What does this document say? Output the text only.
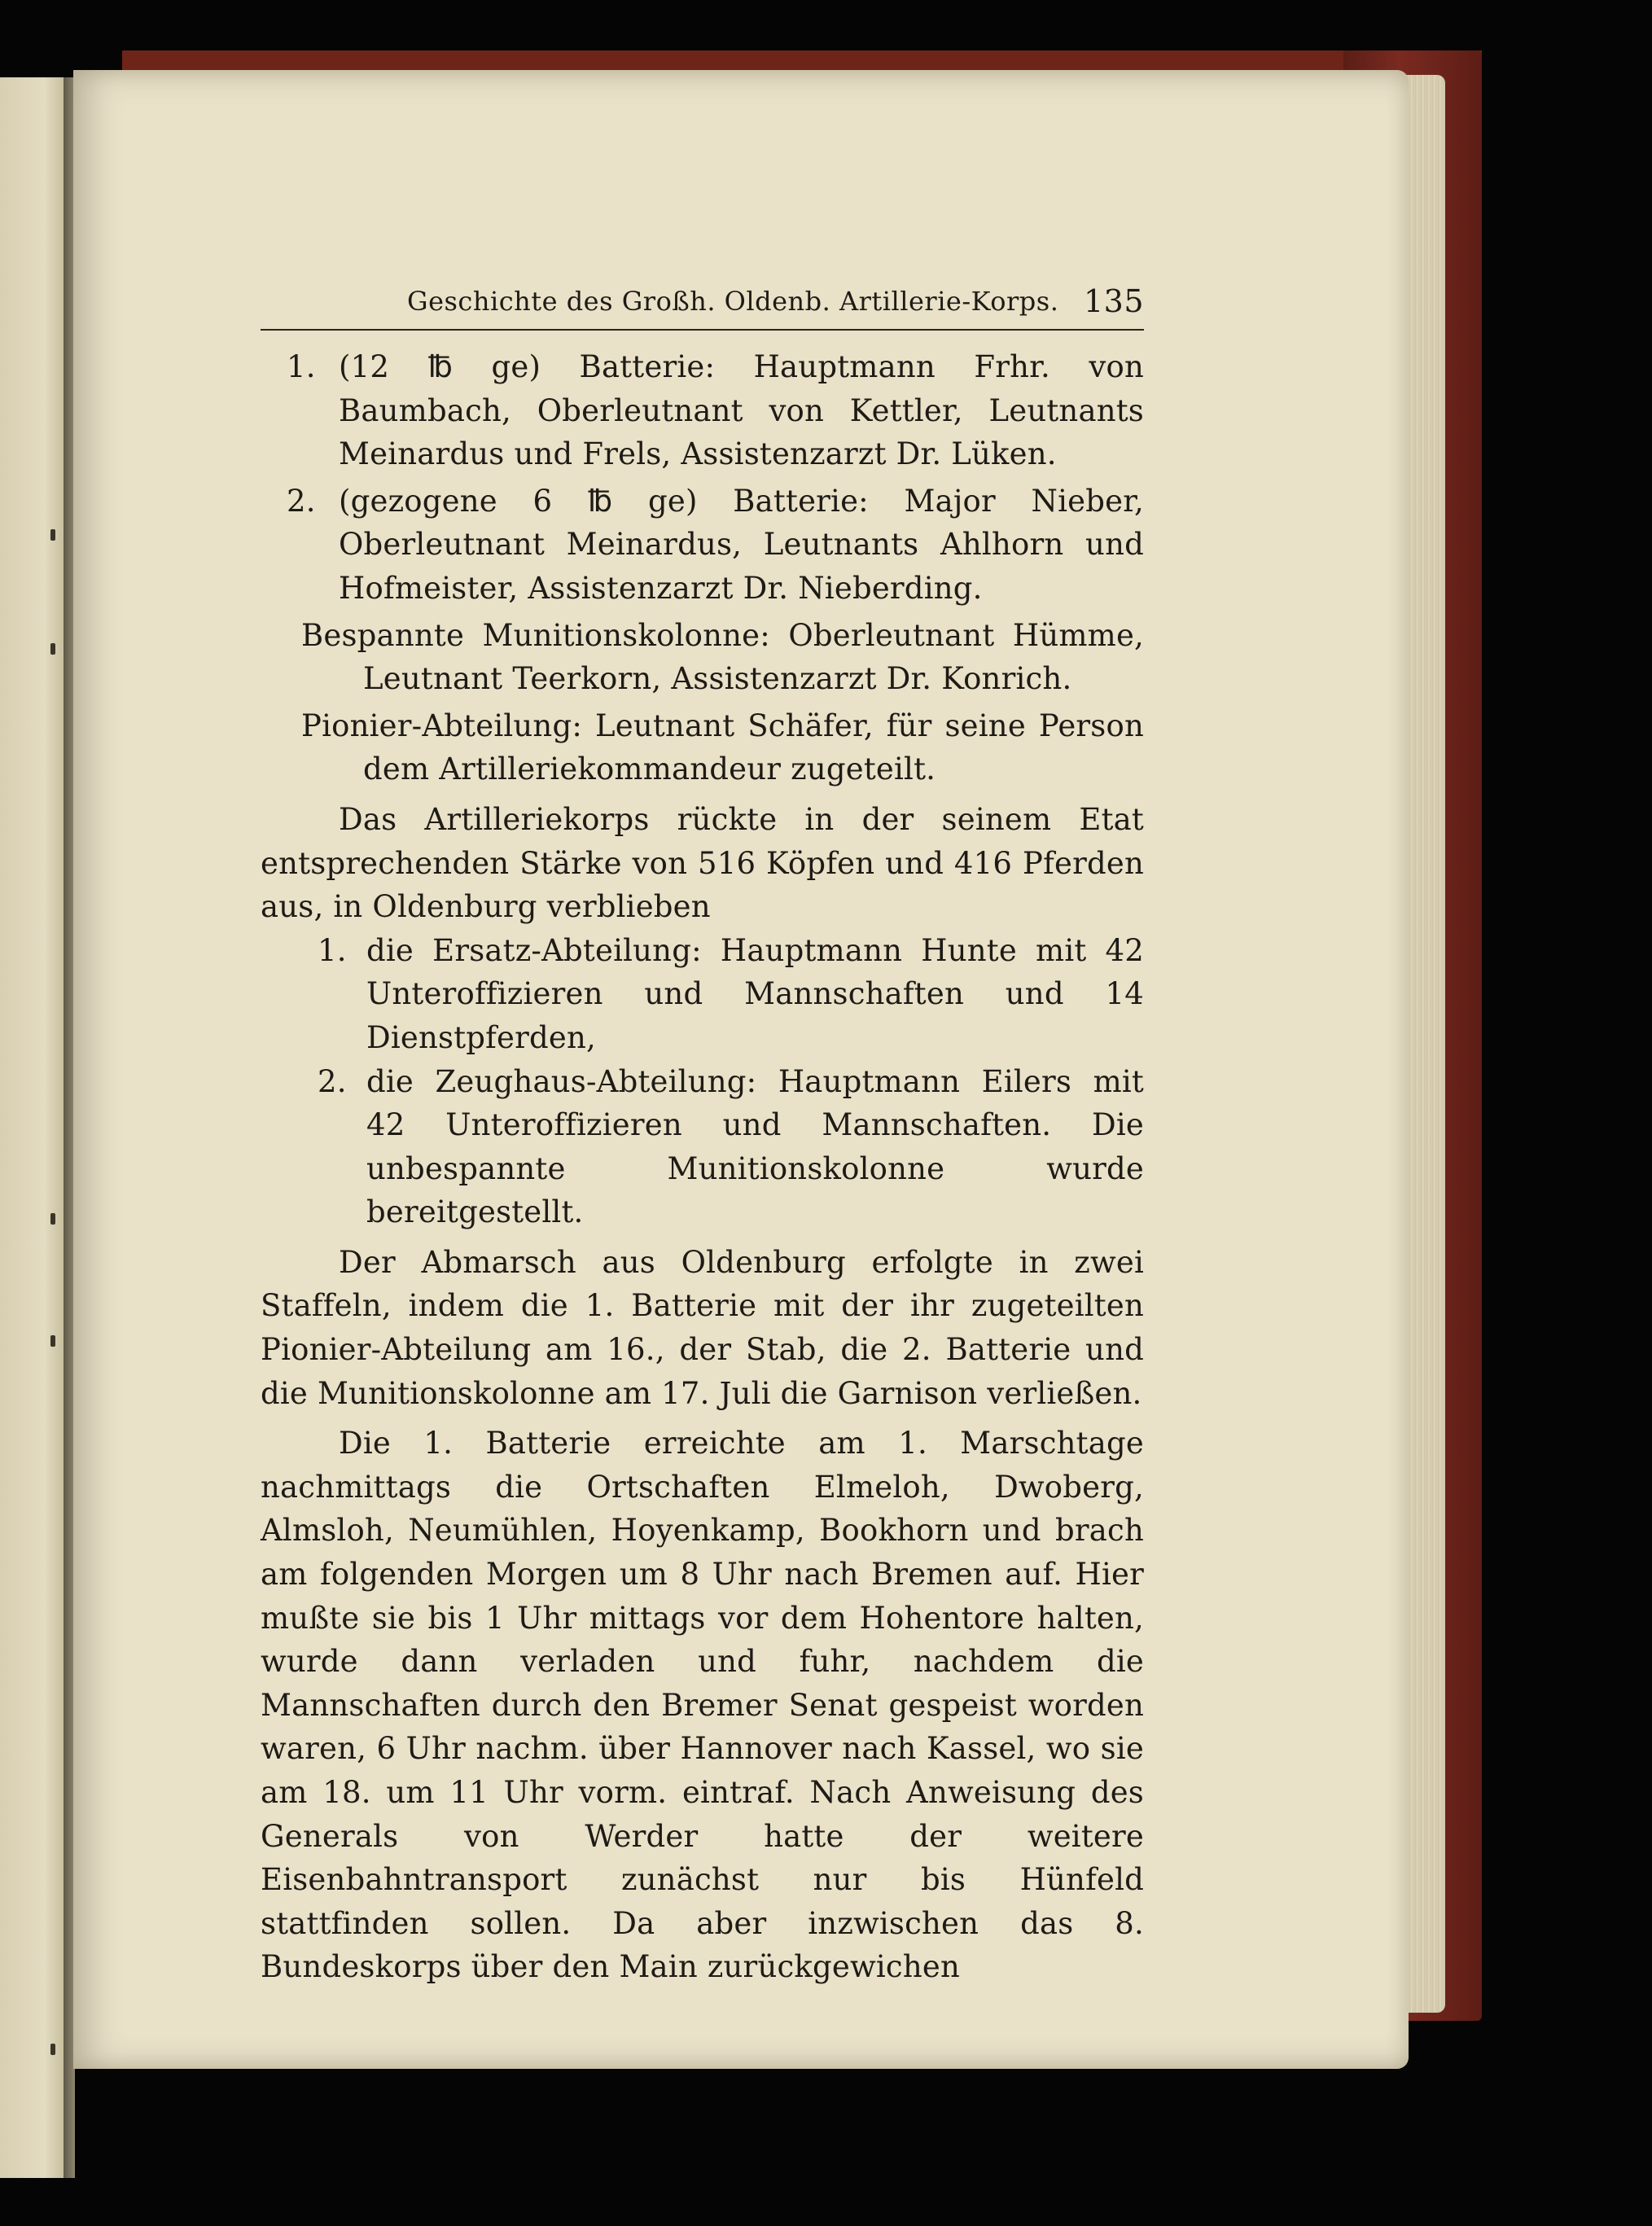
Geschichte des Großh. Oldenb. Artillerie-Korps. 135
1. (12 ℔ ge) Batterie: Hauptmann Frhr. von Baumbach, Oberleutnant von Kettler, Leutnants Meinardus und Frels, Assistenzarzt Dr. Lüken.
2. (gezogene 6 ℔ ge) Batterie: Major Nieber, Oberleutnant Meinardus, Leutnants Ahlhorn und Hofmeister, Assistenzarzt Dr. Nieberding.

Bespannte Munitionskolonne: Oberleutnant Hümme, Leutnant Teerkorn, Assistenzarzt Dr. Konrich.

Pionier-Abteilung: Leutnant Schäfer, für seine Person dem Artilleriekommandeur zugeteilt.

Das Artilleriekorps rückte in der seinem Etat entsprechenden Stärke von 516 Köpfen und 416 Pferden aus, in Oldenburg verblieben

1. die Ersatz-Abteilung: Hauptmann Hunte mit 42 Unteroffizieren und Mannschaften und 14 Dienstpferden,
2. die Zeughaus-Abteilung: Hauptmann Eilers mit 42 Unteroffizieren und Mannschaften. Die unbespannte Munitionskolonne wurde bereitgestellt.

Der Abmarsch aus Oldenburg erfolgte in zwei Staffeln, indem die 1. Batterie mit der ihr zugeteilten Pionier-Abteilung am 16., der Stab, die 2. Batterie und die Munitionskolonne am 17. Juli die Garnison verließen.

Die 1. Batterie erreichte am 1. Marschtage nachmittags die Ortschaften Elmeloh, Dwoberg, Almsloh, Neumühlen, Hoyenkamp, Bookhorn und brach am folgenden Morgen um 8 Uhr nach Bremen auf. Hier mußte sie bis 1 Uhr mittags vor dem Hohentore halten, wurde dann verladen und fuhr, nachdem die Mannschaften durch den Bremer Senat gespeist worden waren, 6 Uhr nachm. über Hannover nach Kassel, wo sie am 18. um 11 Uhr vorm. eintraf. Nach Anweisung des Generals von Werder hatte der weitere Eisenbahntransport zunächst nur bis Hünfeld stattfinden sollen. Da aber inzwischen das 8. Bundeskorps über den Main zurückgewichen
